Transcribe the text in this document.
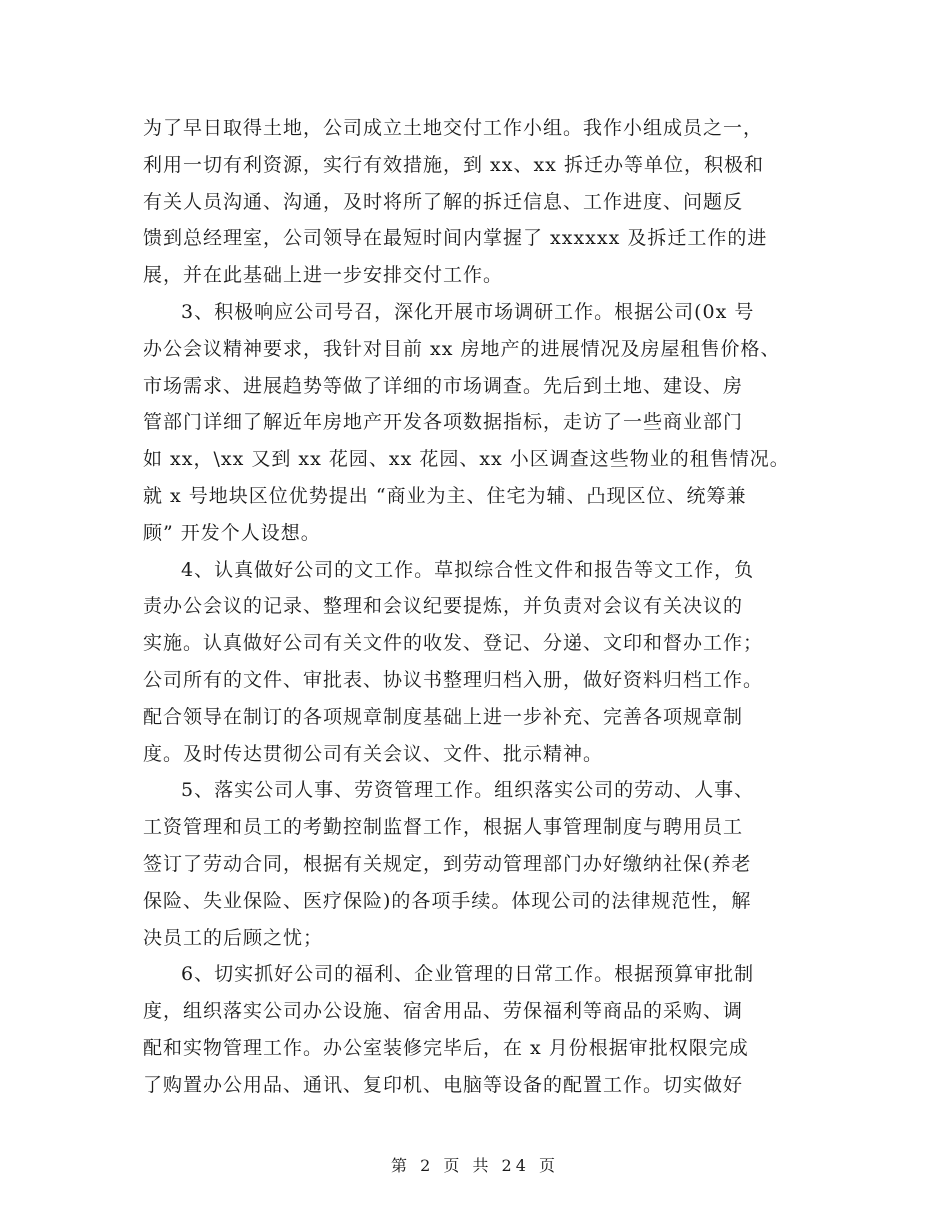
为了早日取得土地，公司成立土地交付工作小组。我作小组成员之一，
利用一切有利资源，实行有效措施，到 xx、xx 拆迁办等单位，积极和
有关人员沟通、沟通，及时将所了解的拆迁信息、工作进度、问题反
馈到总经理室，公司领导在最短时间内掌握了 xxxxxx 及拆迁工作的进
展，并在此基础上进一步安排交付工作。
3、积极响应公司号召，深化开展市场调研工作。根据公司(0x 号
办公会议精神要求，我针对目前 xx 房地产的进展情况及房屋租售价格、
市场需求、进展趋势等做了详细的市场调查。先后到土地、建设、房
管部门详细了解近年房地产开发各项数据指标，走访了一些商业部门
如 xx，\xx 又到 xx 花园、xx 花园、xx 小区调查这些物业的租售情况。
就 x 号地块区位优势提出 “商业为主、住宅为辅、凸现区位、统筹兼
顾” 开发个人设想。
4、认真做好公司的文工作。草拟综合性文件和报告等文工作，负
责办公会议的记录、整理和会议纪要提炼，并负责对会议有关决议的
实施。认真做好公司有关文件的收发、登记、分递、文印和督办工作；
公司所有的文件、审批表、协议书整理归档入册，做好资料归档工作。
配合领导在制订的各项规章制度基础上进一步补充、完善各项规章制
度。及时传达贯彻公司有关会议、文件、批示精神。
5、落实公司人事、劳资管理工作。组织落实公司的劳动、人事、
工资管理和员工的考勤控制监督工作，根据人事管理制度与聘用员工
签订了劳动合同，根据有关规定，到劳动管理部门办好缴纳社保(养老
保险、失业保险、医疗保险)的各项手续。体现公司的法律规范性，解
决员工的后顾之忧；
6、切实抓好公司的福利、企业管理的日常工作。根据预算审批制
度，组织落实公司办公设施、宿舍用品、劳保福利等商品的采购、调
配和实物管理工作。办公室装修完毕后，在 x 月份根据审批权限完成
了购置办公用品、通讯、复印机、电脑等设备的配置工作。切实做好
第 2 页 共 24 页
